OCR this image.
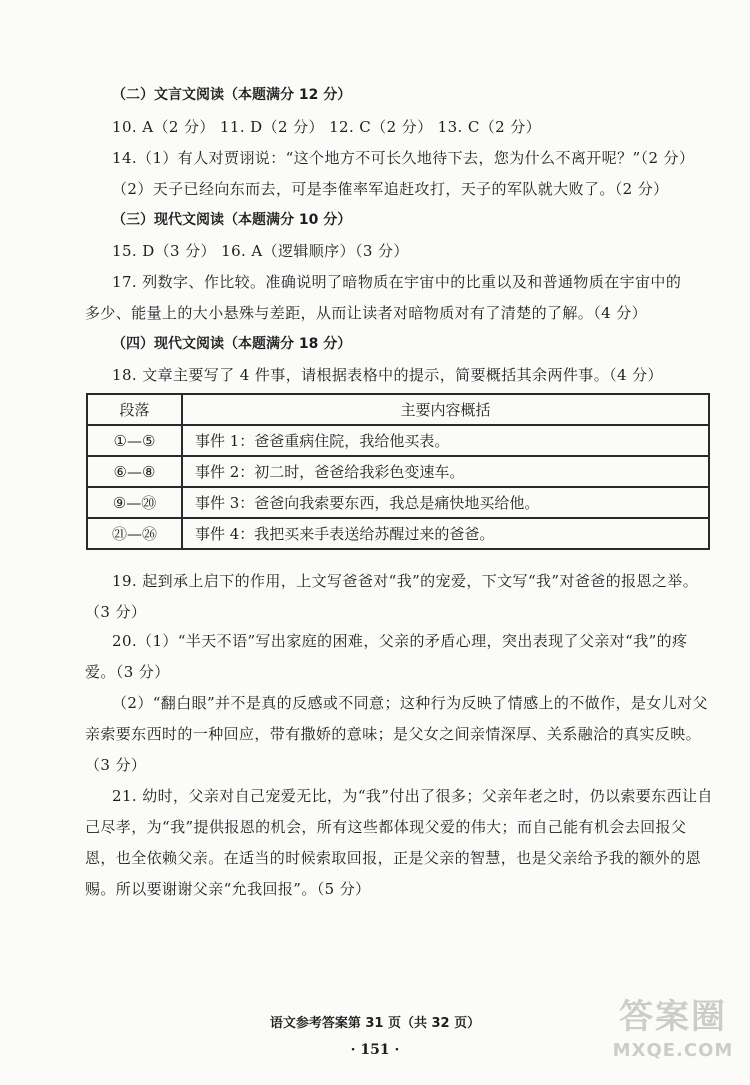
（二）文言文阅读（本题满分 12 分）
10. A（2 分） 11. D（2 分） 12. C（2 分） 13. C（2 分）
14.（1）有人对贾诩说：“这个地方不可长久地待下去，您为什么不离开呢？”（2 分）
（2）天子已经向东而去，可是李傕率军追赶攻打，天子的军队就大败了。（2 分）
（三）现代文阅读（本题满分 10 分）
15. D（3 分） 16. A（逻辑顺序）（3 分）
17. 列数字、作比较。准确说明了暗物质在宇宙中的比重以及和普通物质在宇宙中的
多少、能量上的大小悬殊与差距，从而让读者对暗物质对有了清楚的了解。（4 分）
（四）现代文阅读（本题满分 18 分）
18. 文章主要写了 4 件事，请根据表格中的提示，简要概括其余两件事。（4 分）
段落	主要内容概括
①—⑤	事件 1：爸爸重病住院，我给他买表。
⑥—⑧	事件 2：初二时，爸爸给我彩色变速车。
⑨—⑳	事件 3：爸爸向我索要东西，我总是痛快地买给他。
㉑—㉖	事件 4：我把买来手表送给苏醒过来的爸爸。
19. 起到承上启下的作用，上文写爸爸对“我”的宠爱，下文写“我”对爸爸的报恩之举。
（3 分）
20.（1）“半天不语”写出家庭的困难，父亲的矛盾心理，突出表现了父亲对“我”的疼
爱。（3 分）
（2）“翻白眼”并不是真的反感或不同意；这种行为反映了情感上的不做作，是女儿对父
亲索要东西时的一种回应，带有撒娇的意味；是父女之间亲情深厚、关系融洽的真实反映。
（3 分）
21. 幼时，父亲对自己宠爱无比，为“我”付出了很多；父亲年老之时，仍以索要东西让自
己尽孝，为“我”提供报恩的机会，所有这些都体现父爱的伟大；而自己能有机会去回报父
恩，也全依赖父亲。在适当的时候索取回报，正是父亲的智慧，也是父亲给予我的额外的恩
赐。所以要谢谢父亲“允我回报”。（5 分）
语文参考答案第 31 页（共 32 页）
· 151 ·
答案圈
MXQE.COM
